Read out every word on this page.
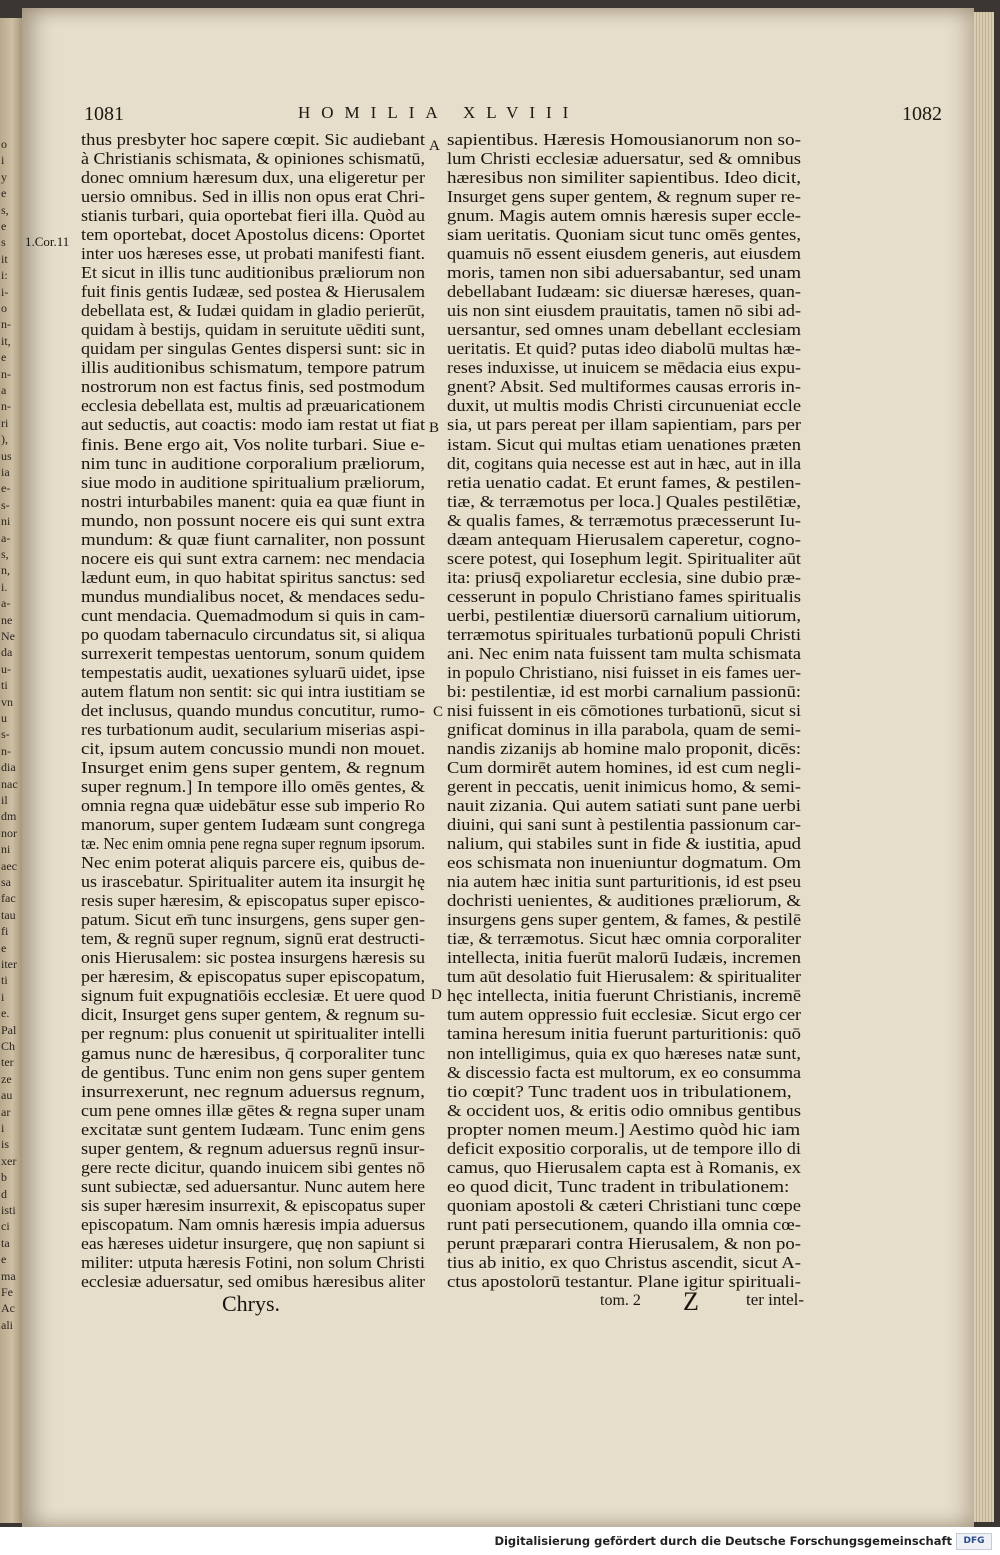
o
i
y
e
s,
e
s
it
i:
i-
o
n-
it,
e
n-
a
n-
ri
),
us
ia
e-
s-
ni
a-
s,
n,
i.
a-
ne
Ne
da
u-
ti
vn
u
s-
n-
dia
nac
il
dm
nor
ni
aec
sa
fac
tau
fi
e
iter
ti
i
e.
Pal
Ch
ter
ze
au
ar
i
is
xer
b
d
isti
ci
ta
e
ma
Fe
Ac
ali
1081	HOMILIA XLVIII	1082
1.Cor.11
A
B
C
D
thus presbyter hoc sapere cœpit. Sic audiebant
à Christianis schismata, & opiniones schismatū,
donec omnium hæresum dux, una eligeretur per
uersio omnibus. Sed in illis non opus erat Chri-
stianis turbari, quia oportebat fieri illa. Quòd au
tem oportebat, docet Apostolus dicens: Oportet
inter uos hæreses esse, ut probati manifesti fiant.
Et sicut in illis tunc auditionibus præliorum non
fuit finis gentis Iudææ, sed postea & Hierusalem
debellata est, & Iudæi quidam in gladio perierūt,
quidam à bestijs, quidam in seruitute uēditi sunt,
quidam per singulas Gentes dispersi sunt: sic in
illis auditionibus schismatum, tempore patrum
nostrorum non est factus finis, sed postmodum
ecclesia debellata est, multis ad præuaricationem
aut seductis, aut coactis: modo iam restat ut fiat
finis. Bene ergo ait, Vos nolite turbari. Siue e-
nim tunc in auditione corporalium præliorum,
siue modo in auditione spiritualium præliorum,
nostri inturbabiles manent: quia ea quæ fiunt in
mundo, non possunt nocere eis qui sunt extra
mundum: & quæ fiunt carnaliter, non possunt
nocere eis qui sunt extra carnem: nec mendacia
lædunt eum, in quo habitat spiritus sanctus: sed
mundus mundialibus nocet, & mendaces sedu-
cunt mendacia. Quemadmodum si quis in cam-
po quodam tabernaculo circundatus sit, si aliqua
surrexerit tempestas uentorum, sonum quidem
tempestatis audit, uexationes syluarū uidet, ipse
autem flatum non sentit: sic qui intra iustitiam se
det inclusus, quando mundus concutitur, rumo-
res turbationum audit, secularium miserias aspi-
cit, ipsum autem concussio mundi non mouet.
Insurget enim gens super gentem, & regnum
super regnum.] In tempore illo omēs gentes, &
omnia regna quæ uidebātur esse sub imperio Ro
manorum, super gentem Iudæam sunt congrega
tæ. Nec enim omnia pene regna super regnum ipsorum.
Nec enim poterat aliquis parcere eis, quibus de-
us irascebatur. Spiritualiter autem ita insurgit hę
resis super hæresim, & episcopatus super episco-
patum. Sicut em̄ tunc insurgens, gens super gen-
tem, & regnū super regnum, signū erat destructi-
onis Hierusalem: sic postea insurgens hæresis su
per hæresim, & episcopatus super episcopatum,
signum fuit expugnatiōis ecclesiæ. Et uere quod
dicit, Insurget gens super gentem, & regnum su-
per regnum: plus conuenit ut spiritualiter intelli
gamus nunc de hæresibus, q̄ corporaliter tunc
de gentibus. Tunc enim non gens super gentem
insurrexerunt, nec regnum aduersus regnum,
cum pene omnes illæ gētes & regna super unam
excitatæ sunt gentem Iudæam. Tunc enim gens
super gentem, & regnum aduersus regnū insur-
gere recte dicitur, quando inuicem sibi gentes nō
sunt subiectæ, sed aduersantur. Nunc autem here
sis super hæresim insurrexit, & episcopatus super
episcopatum. Nam omnis hæresis impia aduersus
eas hæreses uidetur insurgere, quę non sapiunt si
militer: utputa hæresis Fotini, non solum Christi
ecclesiæ aduersatur, sed omibus hæresibus aliter
sapientibus. Hæresis Homousianorum non so-
lum Christi ecclesiæ aduersatur, sed & omnibus
hæresibus non similiter sapientibus. Ideo dicit,
Insurget gens super gentem, & regnum super re-
gnum. Magis autem omnis hæresis super eccle-
siam ueritatis. Quoniam sicut tunc omēs gentes,
quamuis nō essent eiusdem generis, aut eiusdem
moris, tamen non sibi aduersabantur, sed unam
debellabant Iudæam: sic diuersæ hæreses, quan-
uis non sint eiusdem prauitatis, tamen nō sibi ad-
uersantur, sed omnes unam debellant ecclesiam
ueritatis. Et quid? putas ideo diabolū multas hæ-
reses induxisse, ut inuicem se mēdacia eius expu-
gnent? Absit. Sed multiformes causas erroris in-
duxit, ut multis modis Christi circunueniat eccle
sia, ut pars pereat per illam sapientiam, pars per
istam. Sicut qui multas etiam uenationes præten
dit, cogitans quia necesse est aut in hæc, aut in illa
retia uenatio cadat. Et erunt fames, & pestilen-
tiæ, & terræmotus per loca.] Quales pestilētiæ,
& qualis fames, & terræmotus præcesserunt Iu-
dæam antequam Hierusalem caperetur, cogno-
scere potest, qui Iosephum legit. Spiritualiter aūt
ita: priusq̄ expoliaretur ecclesia, sine dubio præ-
cesserunt in populo Christiano fames spiritualis
uerbi, pestilentiæ diuersorū carnalium uitiorum,
terræmotus spirituales turbationū populi Christi
ani. Nec enim nata fuissent tam multa schismata
in populo Christiano, nisi fuisset in eis fames uer-
bi: pestilentiæ, id est morbi carnalium passionū:
nisi fuissent in eis cōmotiones turbationū, sicut si
gnificat dominus in illa parabola, quam de semi-
nandis zizanijs ab homine malo proponit, dicēs:
Cum dormirēt autem homines, id est cum negli-
gerent in peccatis, uenit inimicus homo, & semi-
nauit zizania. Qui autem satiati sunt pane uerbi
diuini, qui sani sunt à pestilentia passionum car-
nalium, qui stabiles sunt in fide & iustitia, apud
eos schismata non inueniuntur dogmatum. Om
nia autem hæc initia sunt parturitionis, id est pseu
dochristi uenientes, & auditiones præliorum, &
insurgens gens super gentem, & fames, & pestilē
tiæ, & terræmotus. Sicut hæc omnia corporaliter
intellecta, initia fuerūt malorū Iudæis, incremen
tum aūt desolatio fuit Hierusalem: & spiritualiter
hęc intellecta, initia fuerunt Christianis, incremē
tum autem oppressio fuit ecclesiæ. Sicut ergo cer
tamina heresum initia fuerunt parturitionis: quō
non intelligimus, quia ex quo hæreses natæ sunt,
& discessio facta est multorum, ex eo consumma
tio cœpit? Tunc tradent uos in tribulationem,
& occident uos, & eritis odio omnibus gentibus
propter nomen meum.] Aestimo quòd hic iam
deficit expositio corporalis, ut de tempore illo di
camus, quo Hierusalem capta est à Romanis, ex
eo quod dicit, Tunc tradent in tribulationem:
quoniam apostoli & cæteri Christiani tunc cœpe
runt pati persecutionem, quando illa omnia cœ-
perunt præparari contra Hierusalem, & non po-
tius ab initio, ex quo Christus ascendit, sicut A-
ctus apostolorū testantur. Plane igitur spirituali-
Chrys.	tom. 2 Z	ter intel-
Digitalisierung gefördert durch die Deutsche Forschungsgemeinschaft	DFG
